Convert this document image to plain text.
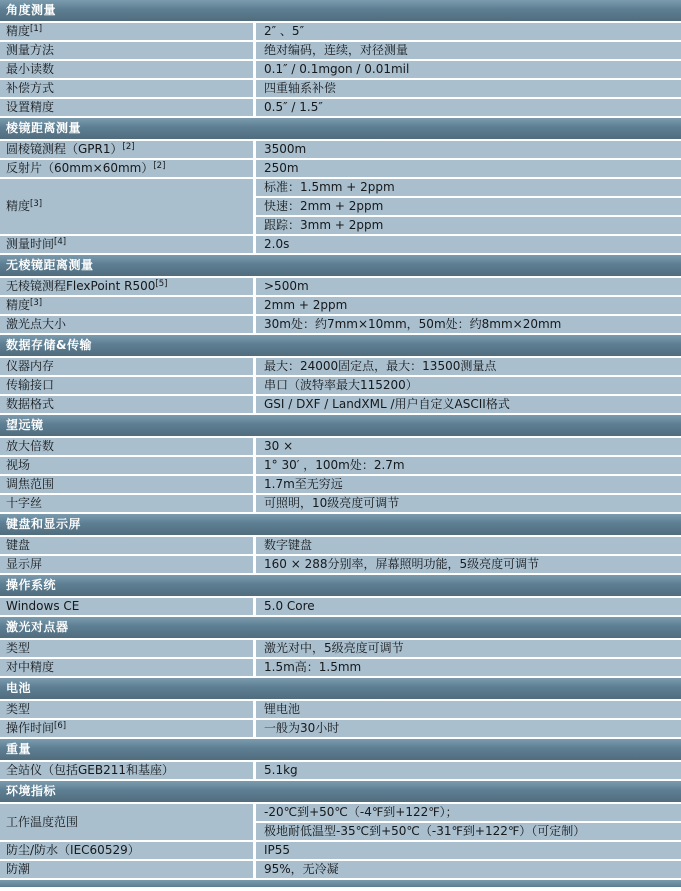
角度测量	
精度[1]	2″ 、5″
测量方法	绝对编码，连续，对径测量
最小读数	0.1″ / 0.1mgon / 0.01mil
补偿方式	四重轴系补偿
设置精度	0.5″ / 1.5″
棱镜距离测量	
圆棱镜测程（GPR1）[2]	3500m
反射片（60mm×60mm）[2]	250m
精度[3]	标准：1.5mm + 2ppm
	快速：2mm + 2ppm
	跟踪：3mm + 2ppm
测量时间[4]	2.0s
无棱镜距离测量	
无棱镜测程FlexPoint R500[5]	>500m
精度[3]	2mm + 2ppm
激光点大小	30m处：约7mm×10mm，50m处：约8mm×20mm
数据存储&传输	
仪器内存	最大：24000固定点，最大：13500测量点
传输接口	串口（波特率最大115200）
数据格式	GSI / DXF / LandXML /用户自定义ASCII格式
望远镜	
放大倍数	30 ×
视场	1° 30′ ，100m处：2.7m
调焦范围	1.7m至无穷远
十字丝	可照明，10级亮度可调节
键盘和显示屏	
键盘	数字键盘
显示屏	160 × 288分别率，屏幕照明功能，5级亮度可调节
操作系统	
Windows CE	5.0 Core
激光对点器	
类型	激光对中，5级亮度可调节
对中精度	1.5m高：1.5mm
电池	
类型	锂电池
操作时间[6]	一般为30小时
重量	
全站仪（包括GEB211和基座）	5.1kg
环境指标	
工作温度范围	-20℃到+50℃（-4℉到+122℉）；
	极地耐低温型-35℃到+50℃（-31℉到+122℉）（可定制）
防尘/防水（IEC60529）	IP55
防潮	95%，无冷凝
